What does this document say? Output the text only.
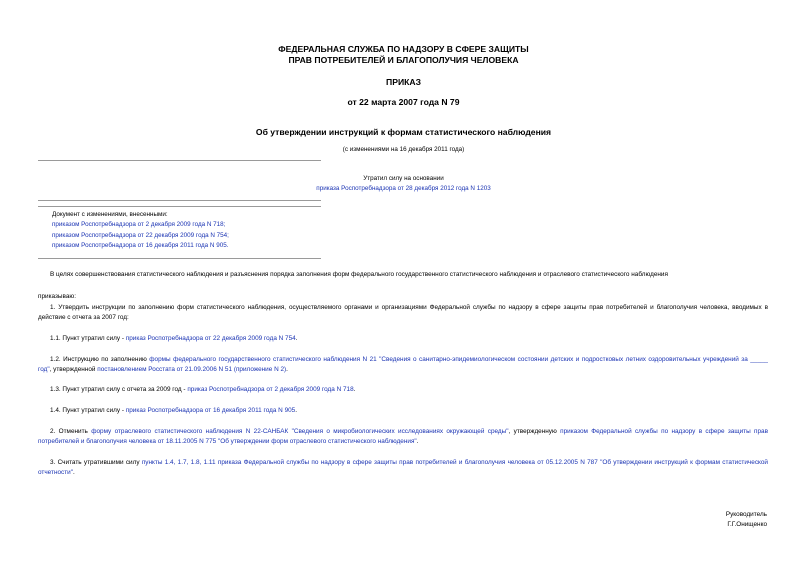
ФЕДЕРАЛЬНАЯ СЛУЖБА ПО НАДЗОРУ В СФЕРЕ ЗАЩИТЫ
ПРАВ ПОТРЕБИТЕЛЕЙ И БЛАГОПОЛУЧИЯ ЧЕЛОВЕКА
ПРИКАЗ
от 22 марта 2007 года N 79
Об утверждении инструкций к формам статистического наблюдения
(с изменениями на 16 декабря 2011 года)
Утратил силу на основании
приказа Роспотребнадзора от 28 декабря 2012 года N 1203
Документ с изменениями, внесенными:
приказом Роспотребнадзора от 2 декабря 2009 года N 718;
приказом Роспотребнадзора от 22 декабря 2009 года N 754;
приказом Роспотребнадзора от 16 декабря 2011 года N 905.
В целях совершенствования статистического наблюдения и разъяснения порядка заполнения форм федерального государственного статистического наблюдения и отраслевого статистического наблюдения
приказываю:
1. Утвердить инструкции по заполнению форм статистического наблюдения, осуществляемого органами и организациями Федеральной службы по надзору в сфере защиты прав потребителей и благополучия человека, вводимых в действие с отчета за 2007 год:
1.1. Пункт утратил силу - приказ Роспотребнадзора от 22 декабря 2009 года N 754.
1.2. Инструкцию по заполнению формы федерального государственного статистического наблюдения N 21 "Сведения о санитарно-эпидемиологическом состоянии детских и подростковых летних оздоровительных учреждений за _____ год", утвержденной постановлением Росстата от 21.09.2006 N 51 (приложение N 2).
1.3. Пункт утратил силу с отчета за 2009 год - приказ Роспотребнадзора от 2 декабря 2009 года N 718.
1.4. Пункт утратил силу - приказ Роспотребнадзора от 16 декабря 2011 года N 905.
2. Отменить форму отраслевого статистического наблюдения N 22-САНБАК "Сведения о микробиологических исследованиях окружающей среды", утвержденную приказом Федеральной службы по надзору в сфере защиты прав потребителей и благополучия человека от 18.11.2005 N 775 "Об утверждении форм отраслевого статистического наблюдения".
3. Считать утратившими силу пункты 1.4, 1.7, 1.8, 1.11 приказа Федеральной службы по надзору в сфере защиты прав потребителей и благополучия человека от 05.12.2005 N 787 "Об утверждении инструкций к формам статистической отчетности".
Руководитель
Г.Г.Онищенко
